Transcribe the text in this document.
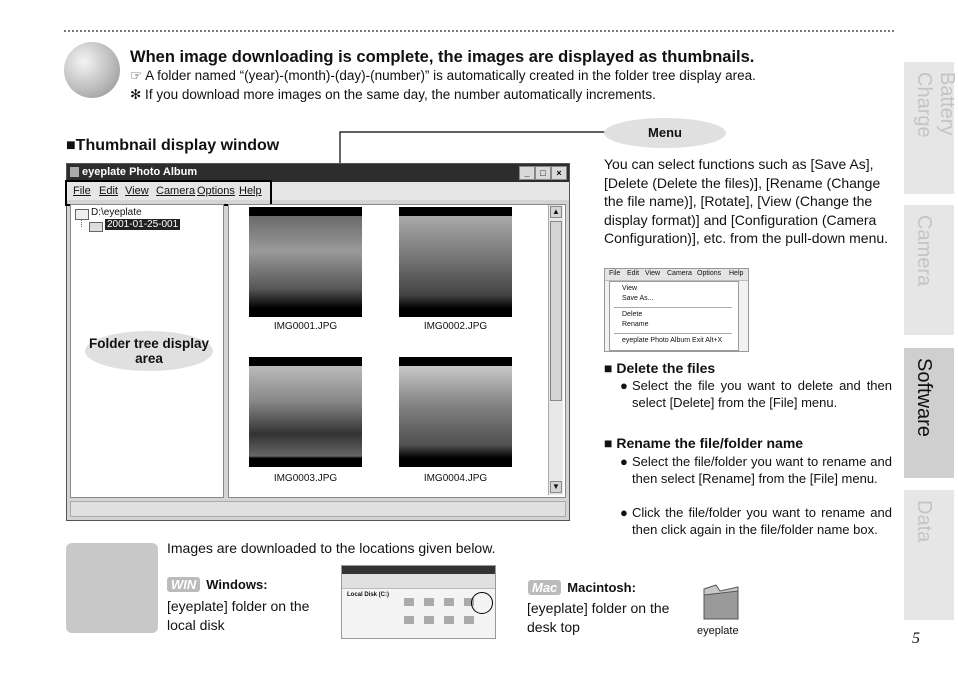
When image downloading is complete, the images are displayed as thumbnails.
☞ A folder named “(year)-(month)-(day)-(number)” is automatically created in the folder tree display area.
✻ If you download more images on the same day, the number automatically increments.
■Thumbnail display window
eyeplate Photo Album	_	□	×
File Edit View Camera Options Help
D:\eyeplate
2001-01-25-001
Folder tree display area
IMG0001.JPG	IMG0002.JPG
IMG0003.JPG	IMG0004.JPG
▲
▼
Menu
You can select functions such as [Save As], [Delete (Delete the files)], [Rename (Change the file name)], [Rotate], [View (Change the display format)] and [Configuration (Camera Configuration)], etc. from the pull-down menu.
File Edit View Camera Options Help
View
Save As...
Delete
Rename
eyeplate Photo Album Exit Alt+X
■ Delete the files
● Select the file you want to delete and then select [Delete] from the [File] menu.
■ Rename the file/folder name
● Select the file/folder you want to rename and then select [Rename] from the [File] menu.
● Click the file/folder you want to rename and then click again in the file/folder name box.
Images are downloaded to the locations given below.
WIN Windows:
[eyeplate] folder on the local disk
Local Disk (C:)	Mac Macintosh:
[eyeplate] folder on the desk top	eyeplate
Battery Charge
Camera
Software
Data
5
